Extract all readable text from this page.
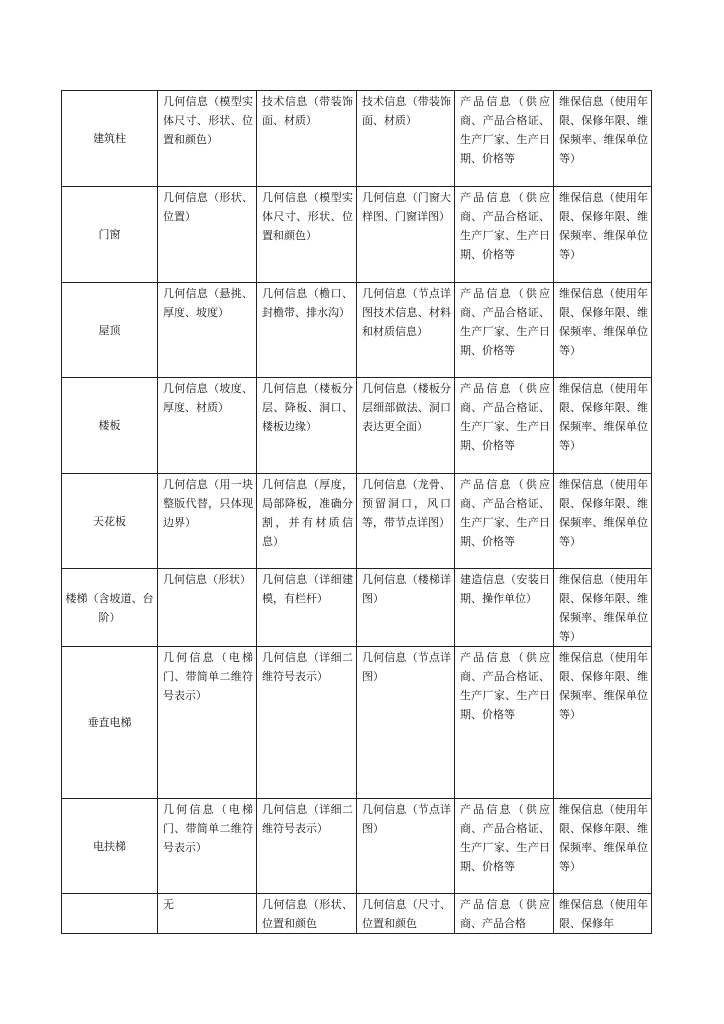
建筑柱	几何信息（模型实体尺寸、形状、位置和颜色）	技术信息（带装饰面、材质）	技术信息（带装饰面、材质）	产品信息（供应商、产品合格证、生产厂家、生产日期、价格等	维保信息（使用年限、保修年限、维保频率、维保单位等）
门窗	几何信息（形状、位置）	几何信息（模型实体尺寸、形状、位置和颜色）	几何信息（门窗大样图、门窗详图）	产品信息（供应商、产品合格证、生产厂家、生产日期、价格等	维保信息（使用年限、保修年限、维保频率、维保单位等）
屋顶	几何信息（悬挑、厚度、坡度）	几何信息（檐口、封檐带、排水沟）	几何信息（节点详图技术信息、材料和材质信息）	产品信息（供应商、产品合格证、生产厂家、生产日期、价格等	维保信息（使用年限、保修年限、维保频率、维保单位等）
楼板	几何信息（坡度、厚度、材质）	几何信息（楼板分层、降板、洞口、楼板边缘）	几何信息（楼板分层细部做法、洞口表达更全面）	产品信息（供应商、产品合格证、生产厂家、生产日期、价格等	维保信息（使用年限、保修年限、维保频率、维保单位等）
天花板	几何信息（用一块整版代替，只体现边界）	几何信息（厚度，局部降板，准确分割，并有材质信息）	几何信息（龙骨、预留洞口，风口等，带节点详图）	产品信息（供应商、产品合格证、生产厂家、生产日期、价格等	维保信息（使用年限、保修年限、维保频率、维保单位等）
楼梯（含坡道、台阶）	几何信息（形状）	几何信息（详细建模，有栏杆）	几何信息（楼梯详图）	建造信息（安装日期、操作单位）	维保信息（使用年限、保修年限、维保频率、维保单位等）
垂直电梯	几何信息（电梯门、带简单二维符号表示）	几何信息（详细二维符号表示）	几何信息（节点详图）	产品信息（供应商、产品合格证、生产厂家、生产日期、价格等	维保信息（使用年限、保修年限、维保频率、维保单位等）
电扶梯	几何信息（电梯门、带简单二维符号表示）	几何信息（详细二维符号表示）	几何信息（节点详图）	产品信息（供应商、产品合格证、生产厂家、生产日期、价格等	维保信息（使用年限、保修年限、维保频率、维保单位等）
	无	几何信息（形状、位置和颜色	几何信息（尺寸、位置和颜色	产品信息（供应商、产品合格	维保信息（使用年限、保修年
